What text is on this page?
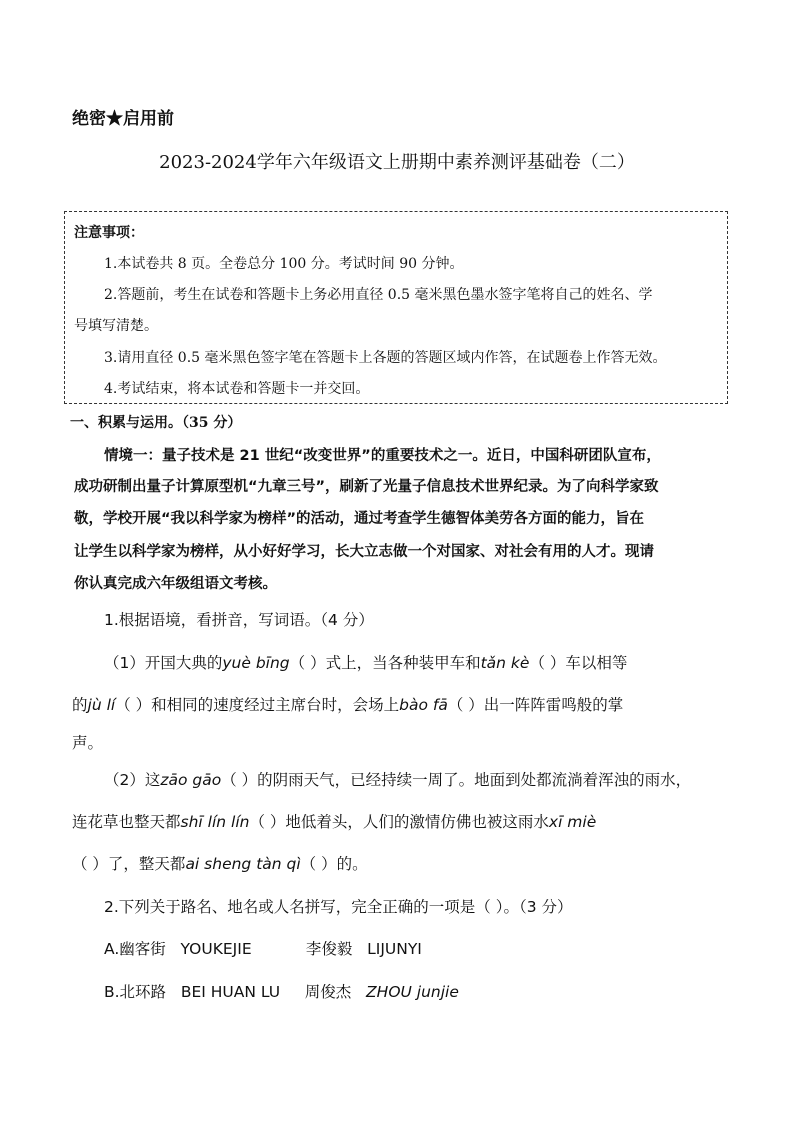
绝密★启用前
2023-2024学年六年级语文上册期中素养测评基础卷（二）
注意事项：
1.本试卷共 8 页。全卷总分 100 分。考试时间 90 分钟。
2.答题前，考生在试卷和答题卡上务必用直径 0.5 毫米黑色墨水签字笔将自己的姓名、学
号填写清楚。
3.请用直径 0.5 毫米黑色签字笔在答题卡上各题的答题区域内作答，在试题卷上作答无效。
4.考试结束，将本试卷和答题卡一并交回。
一、积累与运用。（35 分）
情境一：量子技术是 21 世纪“改变世界”的重要技术之一。近日，中国科研团队宣布，
成功研制出量子计算原型机“九章三号”，刷新了光量子信息技术世界纪录。为了向科学家致
敬，学校开展“我以科学家为榜样”的活动，通过考查学生德智体美劳各方面的能力，旨在
让学生以科学家为榜样，从小好好学习，长大立志做一个对国家、对社会有用的人才。现请
你认真完成六年级组语文考核。
1.根据语境，看拼音，写词语。（4 分）
（1）开国大典的yuè bīng（ ）式上，当各种装甲车和tǎn kè（ ）车以相等
的jù lí（ ）和相同的速度经过主席台时，会场上bào fā（ ）出一阵阵雷鸣般的掌
声。
（2）这zāo gāo（ ）的阴雨天气，已经持续一周了。地面到处都流淌着浑浊的雨水，
连花草也整天都shī lín lín（ ）地低着头，人们的激情仿佛也被这雨水xī miè
（ ）了，整天都ai sheng tàn qì（ ）的。
2.下列关于路名、地名或人名拼写，完全正确的一项是（ ）。（3 分）
A.幽客街 YOUKEJIE	李俊毅 LIJUNYI
B.北环路 BEI HUAN LU 周俊杰 ZHOU junjie
